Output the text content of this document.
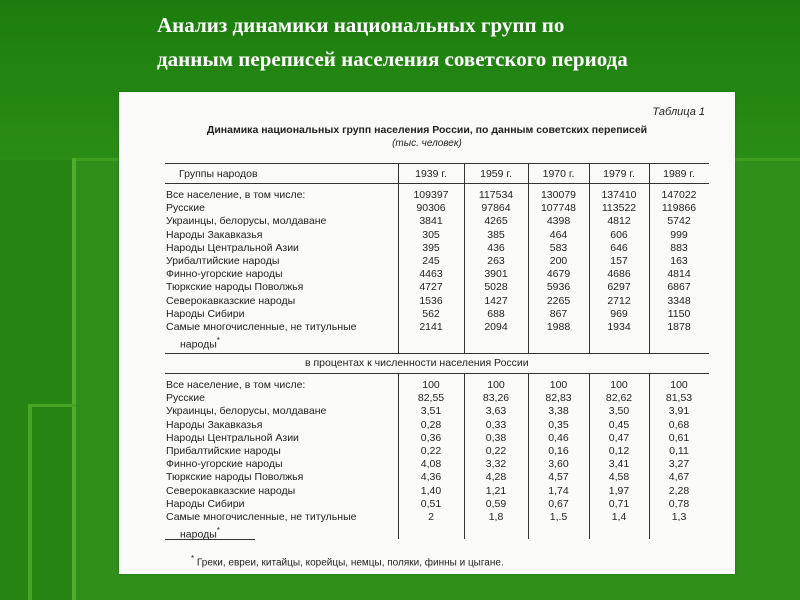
Анализ динамики национальных групп по
данным переписей населения советского периода
Таблица 1
Динамика национальных групп населения России, по данным советских переписей
(тыс. человек)
Группы народов	1939 г.	1959 г.	1970 г.	1979 г.	1989 г.
Все население, в том числе:	109397	117534	130079	137410	147022
Русские	90306	97864	107748	113522	119866
Украинцы, белорусы, молдаване	3841	4265	4398	4812	5742
Народы Закавказья	305	385	464	606	999
Народы Центральной Азии	395	436	583	646	883
Урибалтийские народы	245	263	200	157	163
Финно-угорские народы	4463	3901	4679	4686	4814
Тюркские народы Поволжья	4727	5028	5936	6297	6867
Северокавказские народы	1536	1427	2265	2712	3348
Народы Сибири	562	688	867	969	1150
Самые многочисленные, не титульные	2141	2094	1988	1934	1878
народы*
в процентах к численности населения России
Все население, в том числе:	100	100	100	100	100
Русские	82,55	83,26	82,83	82,62	81,53
Украинцы, белорусы, молдаване	3,51	3,63	3,38	3,50	3,91
Народы Закавказья	0,28	0,33	0,35	0,45	0,68
Народы Центральной Азии	0,36	0,38	0,46	0,47	0,61
Прибалтийские народы	0,22	0,22	0,16	0,12	0,11
Финно-угорские народы	4,08	3,32	3,60	3,41	3,27
Тюркские народы Поволжья	4,36	4,28	4,57	4,58	4,67
Северокавказские народы	1,40	1,21	1,74	1,97	2,28
Народы Сибири	0,51	0,59	0,67	0,71	0,78
Самые многочисленные, не титульные	2	1,8	1,.5	1,4	1,3
народы*
* Греки, евреи, китайцы, корейцы, немцы, поляки, финны и цыгане.
